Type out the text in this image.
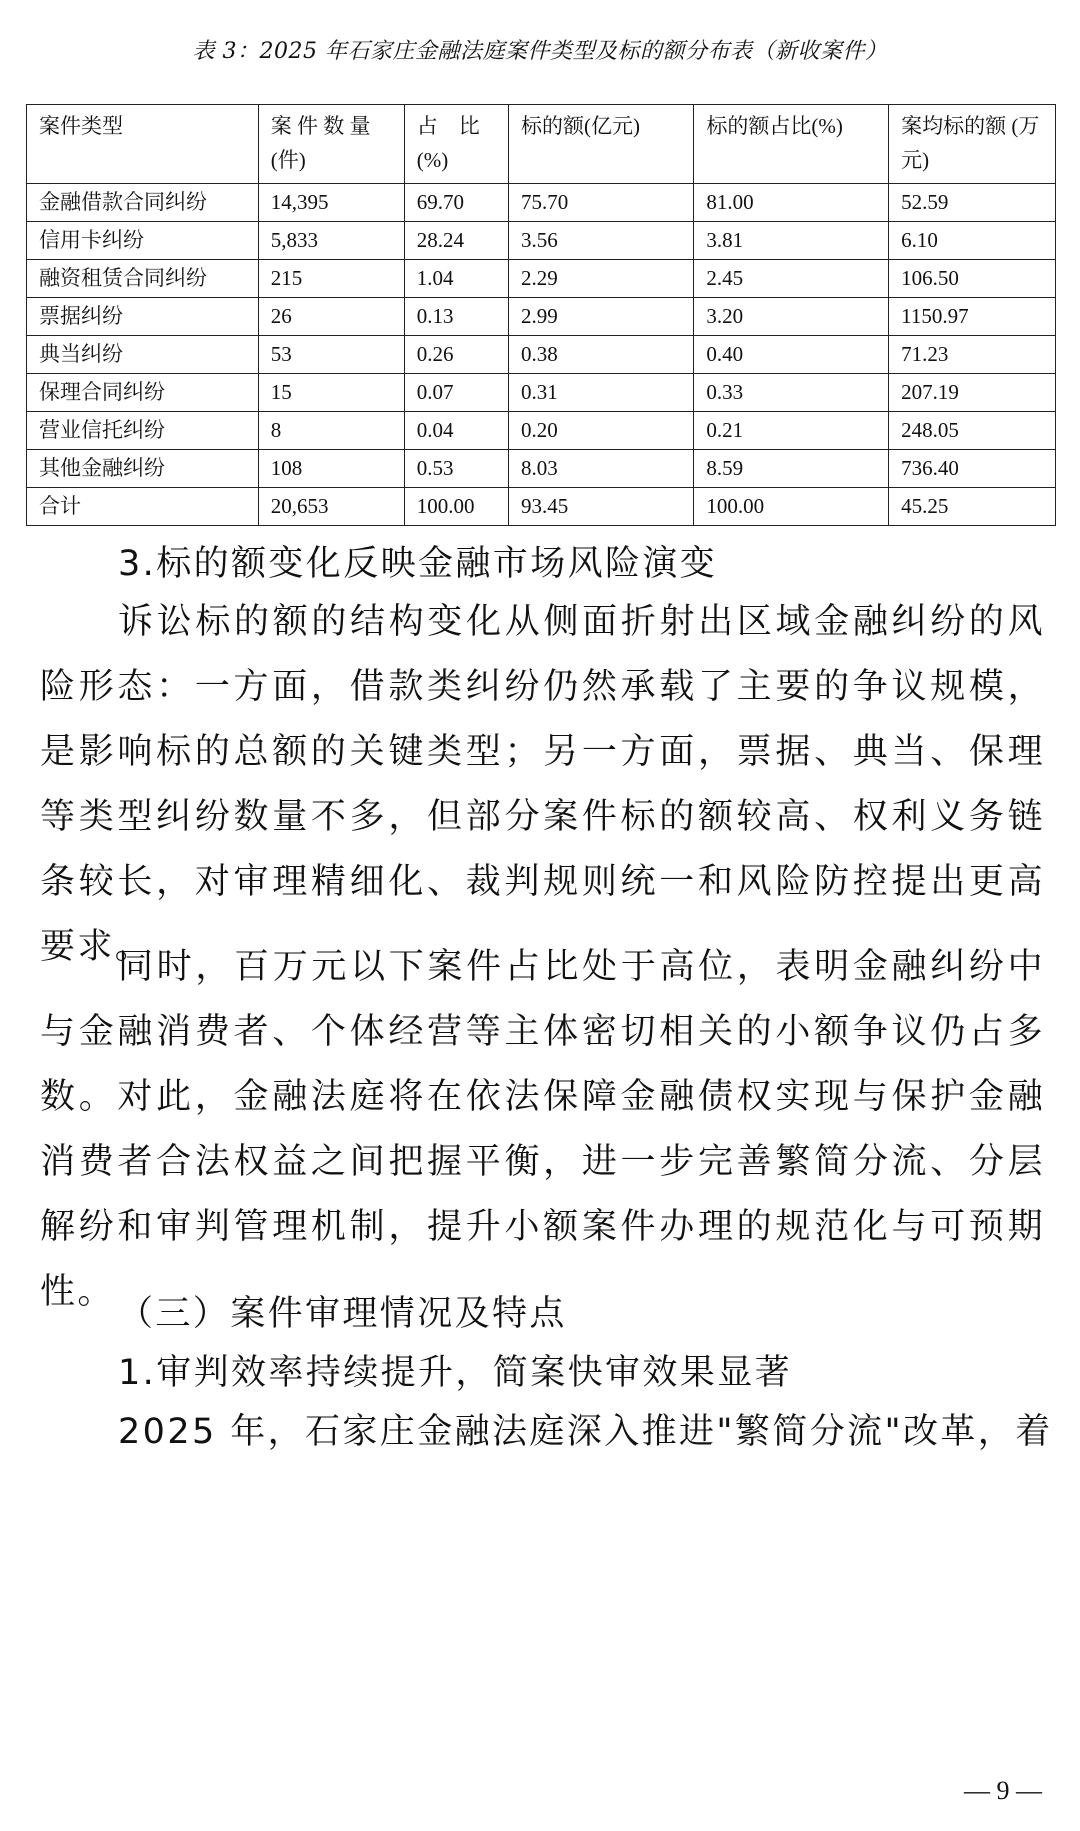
表 3：2025 年石家庄金融法庭案件类型及标的额分布表（新收案件）
案件类型	案 件 数 量 (件)	占　比 (%)	标的额(亿元)	标的额占比(%)	案均标的额 (万元)
金融借款合同纠纷	14,395	69.70	75.70	81.00	52.59
信用卡纠纷	5,833	28.24	3.56	3.81	6.10
融资租赁合同纠纷	215	1.04	2.29	2.45	106.50
票据纠纷	26	0.13	2.99	3.20	1150.97
典当纠纷	53	0.26	0.38	0.40	71.23
保理合同纠纷	15	0.07	0.31	0.33	207.19
营业信托纠纷	8	0.04	0.20	0.21	248.05
其他金融纠纷	108	0.53	8.03	8.59	736.40
合计	20,653	100.00	93.45	100.00	45.25

3.标的额变化反映金融市场风险演变

诉讼标的额的结构变化从侧面折射出区域金融纠纷的风险形态：一方面，借款类纠纷仍然承载了主要的争议规模，是影响标的总额的关键类型；另一方面，票据、典当、保理等类型纠纷数量不多，但部分案件标的额较高、权利义务链条较长，对审理精细化、裁判规则统一和风险防控提出更高要求。

同时，百万元以下案件占比处于高位，表明金融纠纷中与金融消费者、个体经营等主体密切相关的小额争议仍占多数。对此，金融法庭将在依法保障金融债权实现与保护金融消费者合法权益之间把握平衡，进一步完善繁简分流、分层解纷和审判管理机制，提升小额案件办理的规范化与可预期性。

（三）案件审理情况及特点

1.审判效率持续提升，简案快审效果显著

2025 年，石家庄金融法庭深入推进"繁简分流"改革，着

— 9 —
